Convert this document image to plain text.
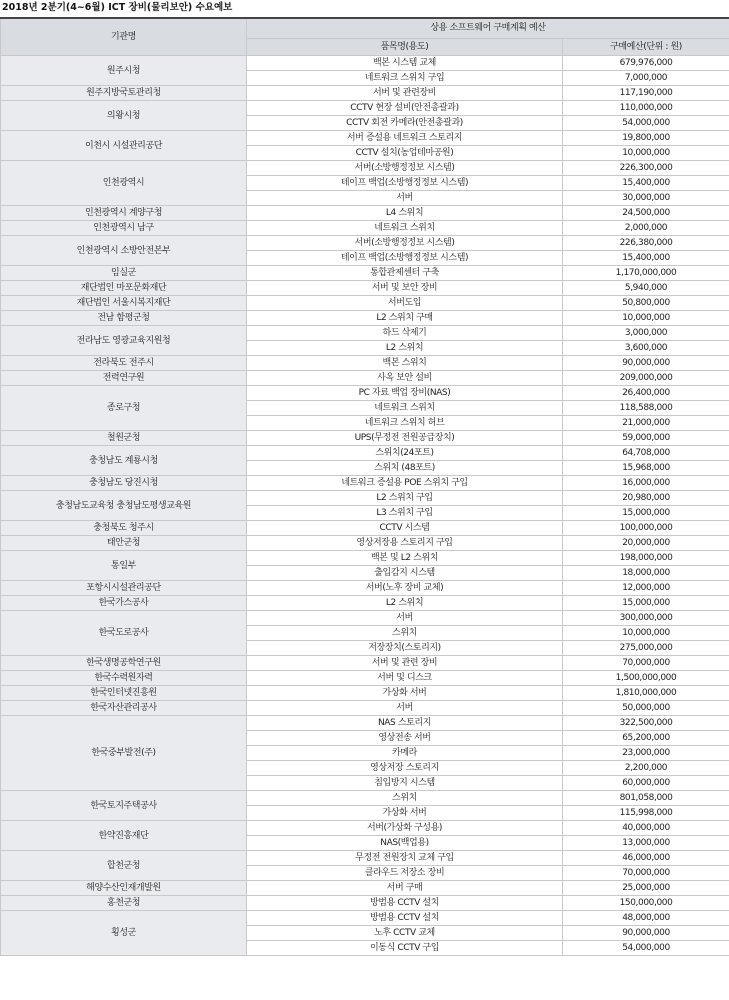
2018년 2분기(4~6월) ICT 장비(물리보안) 수요예보
기관명	상용 소프트웨어 구매계획 예산	
	품목명(용도)	구매예산(단위 : 원)
원주시청	백본 시스템 교체	679,976,000
	네트워크 스위치 구입	7,000,000
원주지방국토관리청	서버 및 관련장비	117,190,000
의왕시청	CCTV 현장 설비(안전총괄과)	110,000,000
	CCTV 회전 카메라(안전총괄과)	54,000,000
이천시 시설관리공단	서버 증설용 네트워크 스토리지	19,800,000
	CCTV 설치(농업테마공원)	10,000,000
인천광역시	서버(소방행정정보 시스템)	226,300,000
	테이프 백업(소방행정정보 시스템)	15,400,000
	서버	30,000,000
인천광역시 계양구청	L4 스위치	24,500,000
인천광역시 남구	네트워크 스위치	2,000,000
인천광역시 소방안전본부	서버(소방행정정보 시스템)	226,380,000
	테이프 백업(소방행정정보 시스템)	15,400,000
임실군	통합관제센터 구축	1,170,000,000
재단법인 마포문화재단	서버 및 보안 장비	5,940,000
재단법인 서울시복지재단	서버도입	50,800,000
전남 함평군청	L2 스위치 구매	10,000,000
전라남도 영광교육지원청	하드 삭제기	3,000,000
	L2 스위치	3,600,000
전라북도 전주시	백본 스위치	90,000,000
전력연구원	사옥 보안 설비	209,000,000
종로구청	PC 자료 백업 장비(NAS)	26,400,000
	네트워크 스위치	118,588,000
	네트워크 스위치 허브	21,000,000
철원군청	UPS(무정전 전원공급장치)	59,000,000
충청남도 계룡시청	스위치(24포트)	64,708,000
	스위치 (48포트)	15,968,000
충청남도 당진시청	네트워크 증설용 POE 스위치 구입	16,000,000
충청남도교육청 충청남도평생교육원	L2 스위치 구입	20,980,000
	L3 스위치 구입	15,000,000
충청북도 청주시	CCTV 시스템	100,000,000
태안군청	영상저장용 스토리지 구입	20,000,000
통일부	백본 및 L2 스위치	198,000,000
	출입감지 시스템	18,000,000
포항시시설관리공단	서버(노후 장비 교체)	12,000,000
한국가스공사	L2 스위치	15,000,000
한국도로공사	서버	300,000,000
	스위치	10,000,000
	저장장치(스토리지)	275,000,000
한국생명공학연구원	서버 및 관련 장비	70,000,000
한국수력원자력	서버 및 디스크	1,500,000,000
한국인터넷진흥원	가상화 서버	1,810,000,000
한국자산관리공사	서버	50,000,000
한국중부발전(주)	NAS 스토리지	322,500,000
	영상전송 서버	65,200,000
	카메라	23,000,000
	영상저장 스토리지	2,200,000
	침입방지 시스템	60,000,000
한국토지주택공사	스위치	801,058,000
	가상화 서버	115,998,000
한약진흥재단	서버(가상화 구성용)	40,000,000
	NAS(백업용)	13,000,000
합천군청	무정전 전원장치 교체 구입	46,000,000
	클라우드 저장소 장비	70,000,000
해양수산인재개발원	서버 구매	25,000,000
홍천군청	방범용 CCTV 설치	150,000,000
횡성군	방범용 CCTV 설치	48,000,000
	노후 CCTV 교체	90,000,000
	이동식 CCTV 구입	54,000,000
